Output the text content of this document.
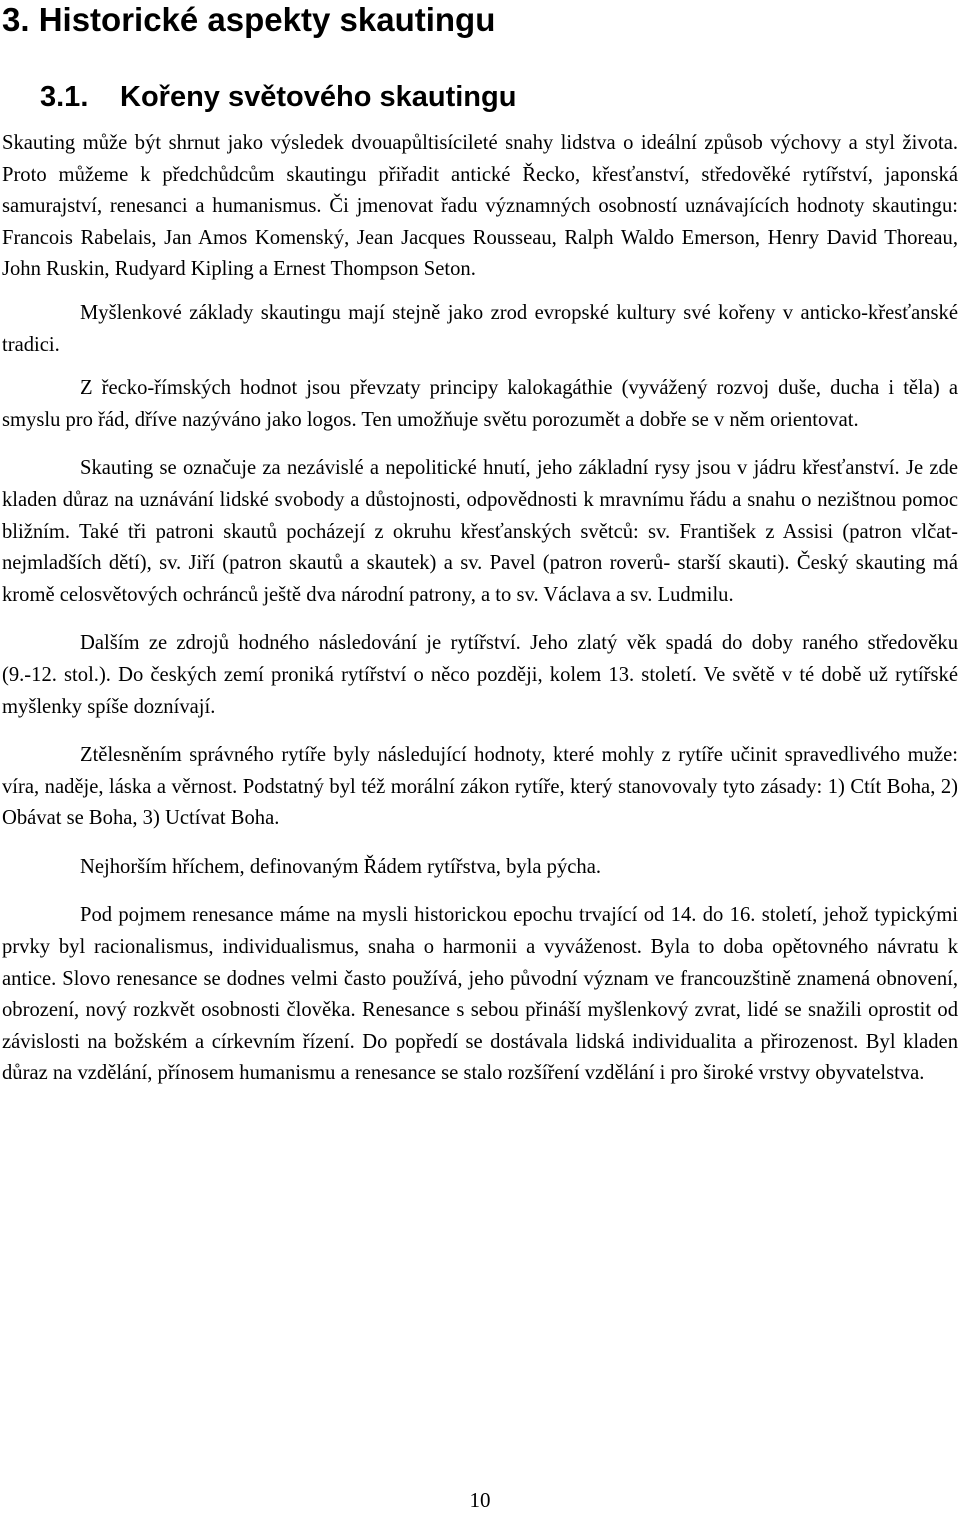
3. Historické aspekty skautingu
3.1. Kořeny světového skautingu

Skauting může být shrnut jako výsledek dvouapůltisícileté snahy lidstva o ideální způsob výchovy a styl života. Proto můžeme k předchůdcům skautingu přiřadit antické Řecko, křesťanství, středověké rytířství, japonská samurajství, renesanci a humanismus. Či jmenovat řadu významných osobností uznávajících hodnoty skautingu: Francois Rabelais, Jan Amos Komenský, Jean Jacques Rousseau, Ralph Waldo Emerson, Henry David Thoreau, John Ruskin, Rudyard Kipling a Ernest Thompson Seton.

Myšlenkové základy skautingu mají stejně jako zrod evropské kultury své kořeny v anticko-křesťanské tradici.

Z řecko-římských hodnot jsou převzaty principy kalokagáthie (vyvážený rozvoj duše, ducha i těla) a smyslu pro řád, dříve nazýváno jako logos. Ten umožňuje světu porozumět a dobře se v něm orientovat.

Skauting se označuje za nezávislé a nepolitické hnutí, jeho základní rysy jsou v jádru křesťanství. Je zde kladen důraz na uznávání lidské svobody a důstojnosti, odpovědnosti k mravnímu řádu a snahu o nezištnou pomoc bližním. Také tři patroni skautů pocházejí z okruhu křesťanských světců: sv. František z Assisi (patron vlčat-nejmladších dětí), sv. Jiří (patron skautů a skautek) a sv. Pavel (patron roverů- starší skauti). Český skauting má kromě celosvětových ochránců ještě dva národní patrony, a to sv. Václava a sv. Ludmilu.

Dalším ze zdrojů hodného následování je rytířství. Jeho zlatý věk spadá do doby raného středověku (9.-12. stol.). Do českých zemí proniká rytířství o něco později, kolem 13. století. Ve světě v té době už rytířské myšlenky spíše doznívají.

Ztělesněním správného rytíře byly následující hodnoty, které mohly z rytíře učinit spravedlivého muže: víra, naděje, láska a věrnost. Podstatný byl též morální zákon rytíře, který stanovovaly tyto zásady: 1) Ctít Boha, 2) Obávat se Boha, 3) Uctívat Boha.

Nejhorším hříchem, definovaným Řádem rytířstva, byla pýcha.

Pod pojmem renesance máme na mysli historickou epochu trvající od 14. do 16. století, jehož typickými prvky byl racionalismus, individualismus, snaha o harmonii a vyváženost. Byla to doba opětovného návratu k antice. Slovo renesance se dodnes velmi často používá, jeho původní význam ve francouzštině znamená obnovení, obrození, nový rozkvět osobnosti člověka. Renesance s sebou přináší myšlenkový zvrat, lidé se snažili oprostit od závislosti na božském a církevním řízení. Do popředí se dostávala lidská individualita a přirozenost. Byl kladen důraz na vzdělání, přínosem humanismu a renesance se stalo rozšíření vzdělání i pro široké vrstvy obyvatelstva.

10
